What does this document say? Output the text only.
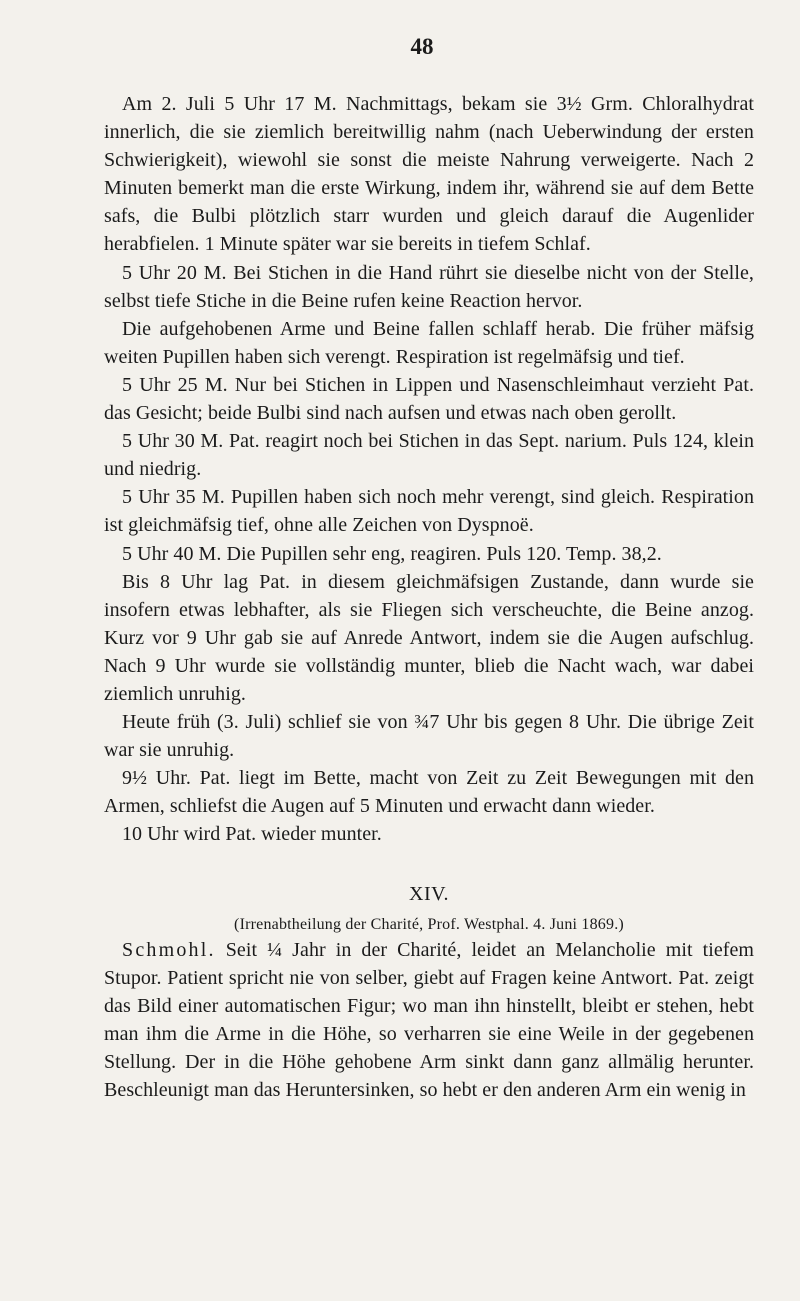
48

Am 2. Juli 5 Uhr 17 M. Nachmittags, bekam sie 3½ Grm. Chloralhydrat innerlich, die sie ziemlich bereitwillig nahm (nach Ueberwindung der ersten Schwierigkeit), wiewohl sie sonst die meiste Nahrung verweigerte. Nach 2 Minuten bemerkt man die erste Wirkung, indem ihr, während sie auf dem Bette safs, die Bulbi plötzlich starr wurden und gleich darauf die Augenlider herabfielen. 1 Minute später war sie bereits in tiefem Schlaf.

5 Uhr 20 M. Bei Stichen in die Hand rührt sie dieselbe nicht von der Stelle, selbst tiefe Stiche in die Beine rufen keine Reaction hervor.

Die aufgehobenen Arme und Beine fallen schlaff herab. Die früher mäfsig weiten Pupillen haben sich verengt. Respiration ist regelmäfsig und tief.

5 Uhr 25 M. Nur bei Stichen in Lippen und Nasenschleimhaut verzieht Pat. das Gesicht; beide Bulbi sind nach aufsen und etwas nach oben gerollt.

5 Uhr 30 M. Pat. reagirt noch bei Stichen in das Sept. narium. Puls 124, klein und niedrig.

5 Uhr 35 M. Pupillen haben sich noch mehr verengt, sind gleich. Respiration ist gleichmäfsig tief, ohne alle Zeichen von Dyspnoë.

5 Uhr 40 M. Die Pupillen sehr eng, reagiren. Puls 120. Temp. 38,2.

Bis 8 Uhr lag Pat. in diesem gleichmäfsigen Zustande, dann wurde sie insofern etwas lebhafter, als sie Fliegen sich verscheuchte, die Beine anzog. Kurz vor 9 Uhr gab sie auf Anrede Antwort, indem sie die Augen aufschlug. Nach 9 Uhr wurde sie vollständig munter, blieb die Nacht wach, war dabei ziemlich unruhig.

Heute früh (3. Juli) schlief sie von ¾7 Uhr bis gegen 8 Uhr. Die übrige Zeit war sie unruhig.

9½ Uhr. Pat. liegt im Bette, macht von Zeit zu Zeit Bewegungen mit den Armen, schliefst die Augen auf 5 Minuten und erwacht dann wieder.

10 Uhr wird Pat. wieder munter.

XIV.
(Irrenabtheilung der Charité, Prof. Westphal. 4. Juni 1869.)

Schmohl. Seit ¼ Jahr in der Charité, leidet an Melancholie mit tiefem Stupor. Patient spricht nie von selber, giebt auf Fragen keine Antwort. Pat. zeigt das Bild einer automatischen Figur; wo man ihn hinstellt, bleibt er stehen, hebt man ihm die Arme in die Höhe, so verharren sie eine Weile in der gegebenen Stellung. Der in die Höhe gehobene Arm sinkt dann ganz allmälig herunter. Beschleunigt man das Heruntersinken, so hebt er den anderen Arm ein wenig in
